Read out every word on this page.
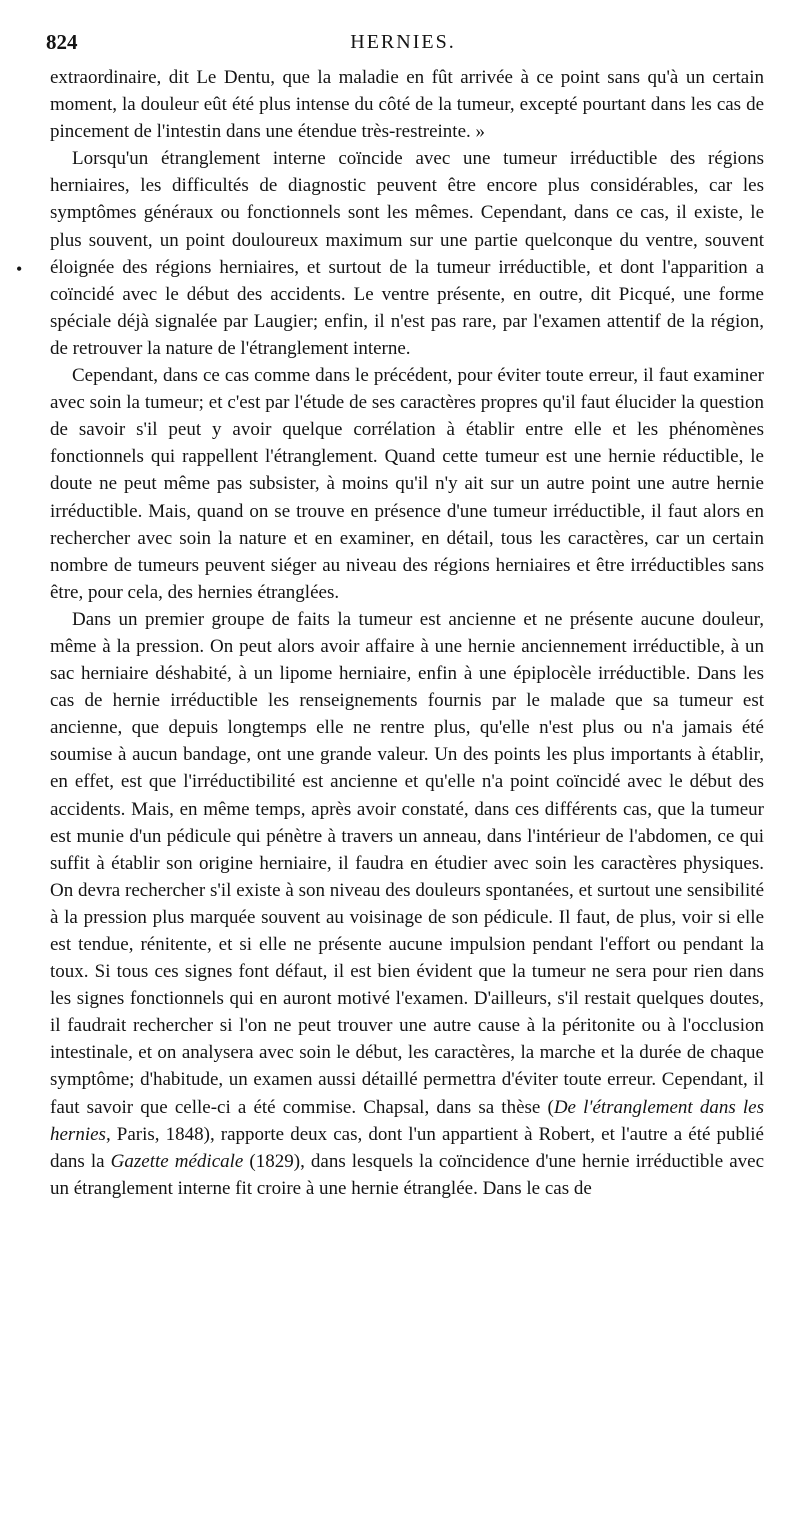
824	HERNIES.
•

extraordinaire, dit Le Dentu, que la maladie en fût arrivée à ce point sans qu'à un certain moment, la douleur eût été plus intense du côté de la tumeur, excepté pourtant dans les cas de pincement de l'intestin dans une étendue très-restreinte. »

Lorsqu'un étranglement interne coïncide avec une tumeur irréductible des régions herniaires, les difficultés de diagnostic peuvent être encore plus considérables, car les symptômes généraux ou fonctionnels sont les mêmes. Cependant, dans ce cas, il existe, le plus souvent, un point douloureux maximum sur une partie quelconque du ventre, souvent éloignée des régions herniaires, et surtout de la tumeur irréductible, et dont l'apparition a coïncidé avec le début des accidents. Le ventre présente, en outre, dit Picqué, une forme spéciale déjà signalée par Laugier; enfin, il n'est pas rare, par l'examen attentif de la région, de retrouver la nature de l'étranglement interne.

Cependant, dans ce cas comme dans le précédent, pour éviter toute erreur, il faut examiner avec soin la tumeur; et c'est par l'étude de ses caractères propres qu'il faut élucider la question de savoir s'il peut y avoir quelque corrélation à établir entre elle et les phénomènes fonctionnels qui rappellent l'étranglement. Quand cette tumeur est une hernie réductible, le doute ne peut même pas subsister, à moins qu'il n'y ait sur un autre point une autre hernie irréductible. Mais, quand on se trouve en présence d'une tumeur irréductible, il faut alors en rechercher avec soin la nature et en examiner, en détail, tous les caractères, car un certain nombre de tumeurs peuvent siéger au niveau des régions herniaires et être irréductibles sans être, pour cela, des hernies étranglées.

Dans un premier groupe de faits la tumeur est ancienne et ne présente aucune douleur, même à la pression. On peut alors avoir affaire à une hernie anciennement irréductible, à un sac herniaire déshabité, à un lipome herniaire, enfin à une épiplocèle irréductible. Dans les cas de hernie irréductible les renseignements fournis par le malade que sa tumeur est ancienne, que depuis longtemps elle ne rentre plus, qu'elle n'est plus ou n'a jamais été soumise à aucun bandage, ont une grande valeur. Un des points les plus importants à établir, en effet, est que l'irréductibilité est ancienne et qu'elle n'a point coïncidé avec le début des accidents. Mais, en même temps, après avoir constaté, dans ces différents cas, que la tumeur est munie d'un pédicule qui pénètre à travers un anneau, dans l'intérieur de l'abdomen, ce qui suffit à établir son origine herniaire, il faudra en étudier avec soin les caractères physiques. On devra rechercher s'il existe à son niveau des douleurs spontanées, et surtout une sensibilité à la pression plus marquée souvent au voisinage de son pédicule. Il faut, de plus, voir si elle est tendue, rénitente, et si elle ne présente aucune impulsion pendant l'effort ou pendant la toux. Si tous ces signes font défaut, il est bien évident que la tumeur ne sera pour rien dans les signes fonctionnels qui en auront motivé l'examen. D'ailleurs, s'il restait quelques doutes, il faudrait rechercher si l'on ne peut trouver une autre cause à la péritonite ou à l'occlusion intestinale, et on analysera avec soin le début, les caractères, la marche et la durée de chaque symptôme; d'habitude, un examen aussi détaillé permettra d'éviter toute erreur. Cependant, il faut savoir que celle-ci a été commise. Chapsal, dans sa thèse (De l'étranglement dans les hernies, Paris, 1848), rapporte deux cas, dont l'un appartient à Robert, et l'autre a été publié dans la Gazette médicale (1829), dans lesquels la coïncidence d'une hernie irréductible avec un étranglement interne fit croire à une hernie étranglée. Dans le cas de
